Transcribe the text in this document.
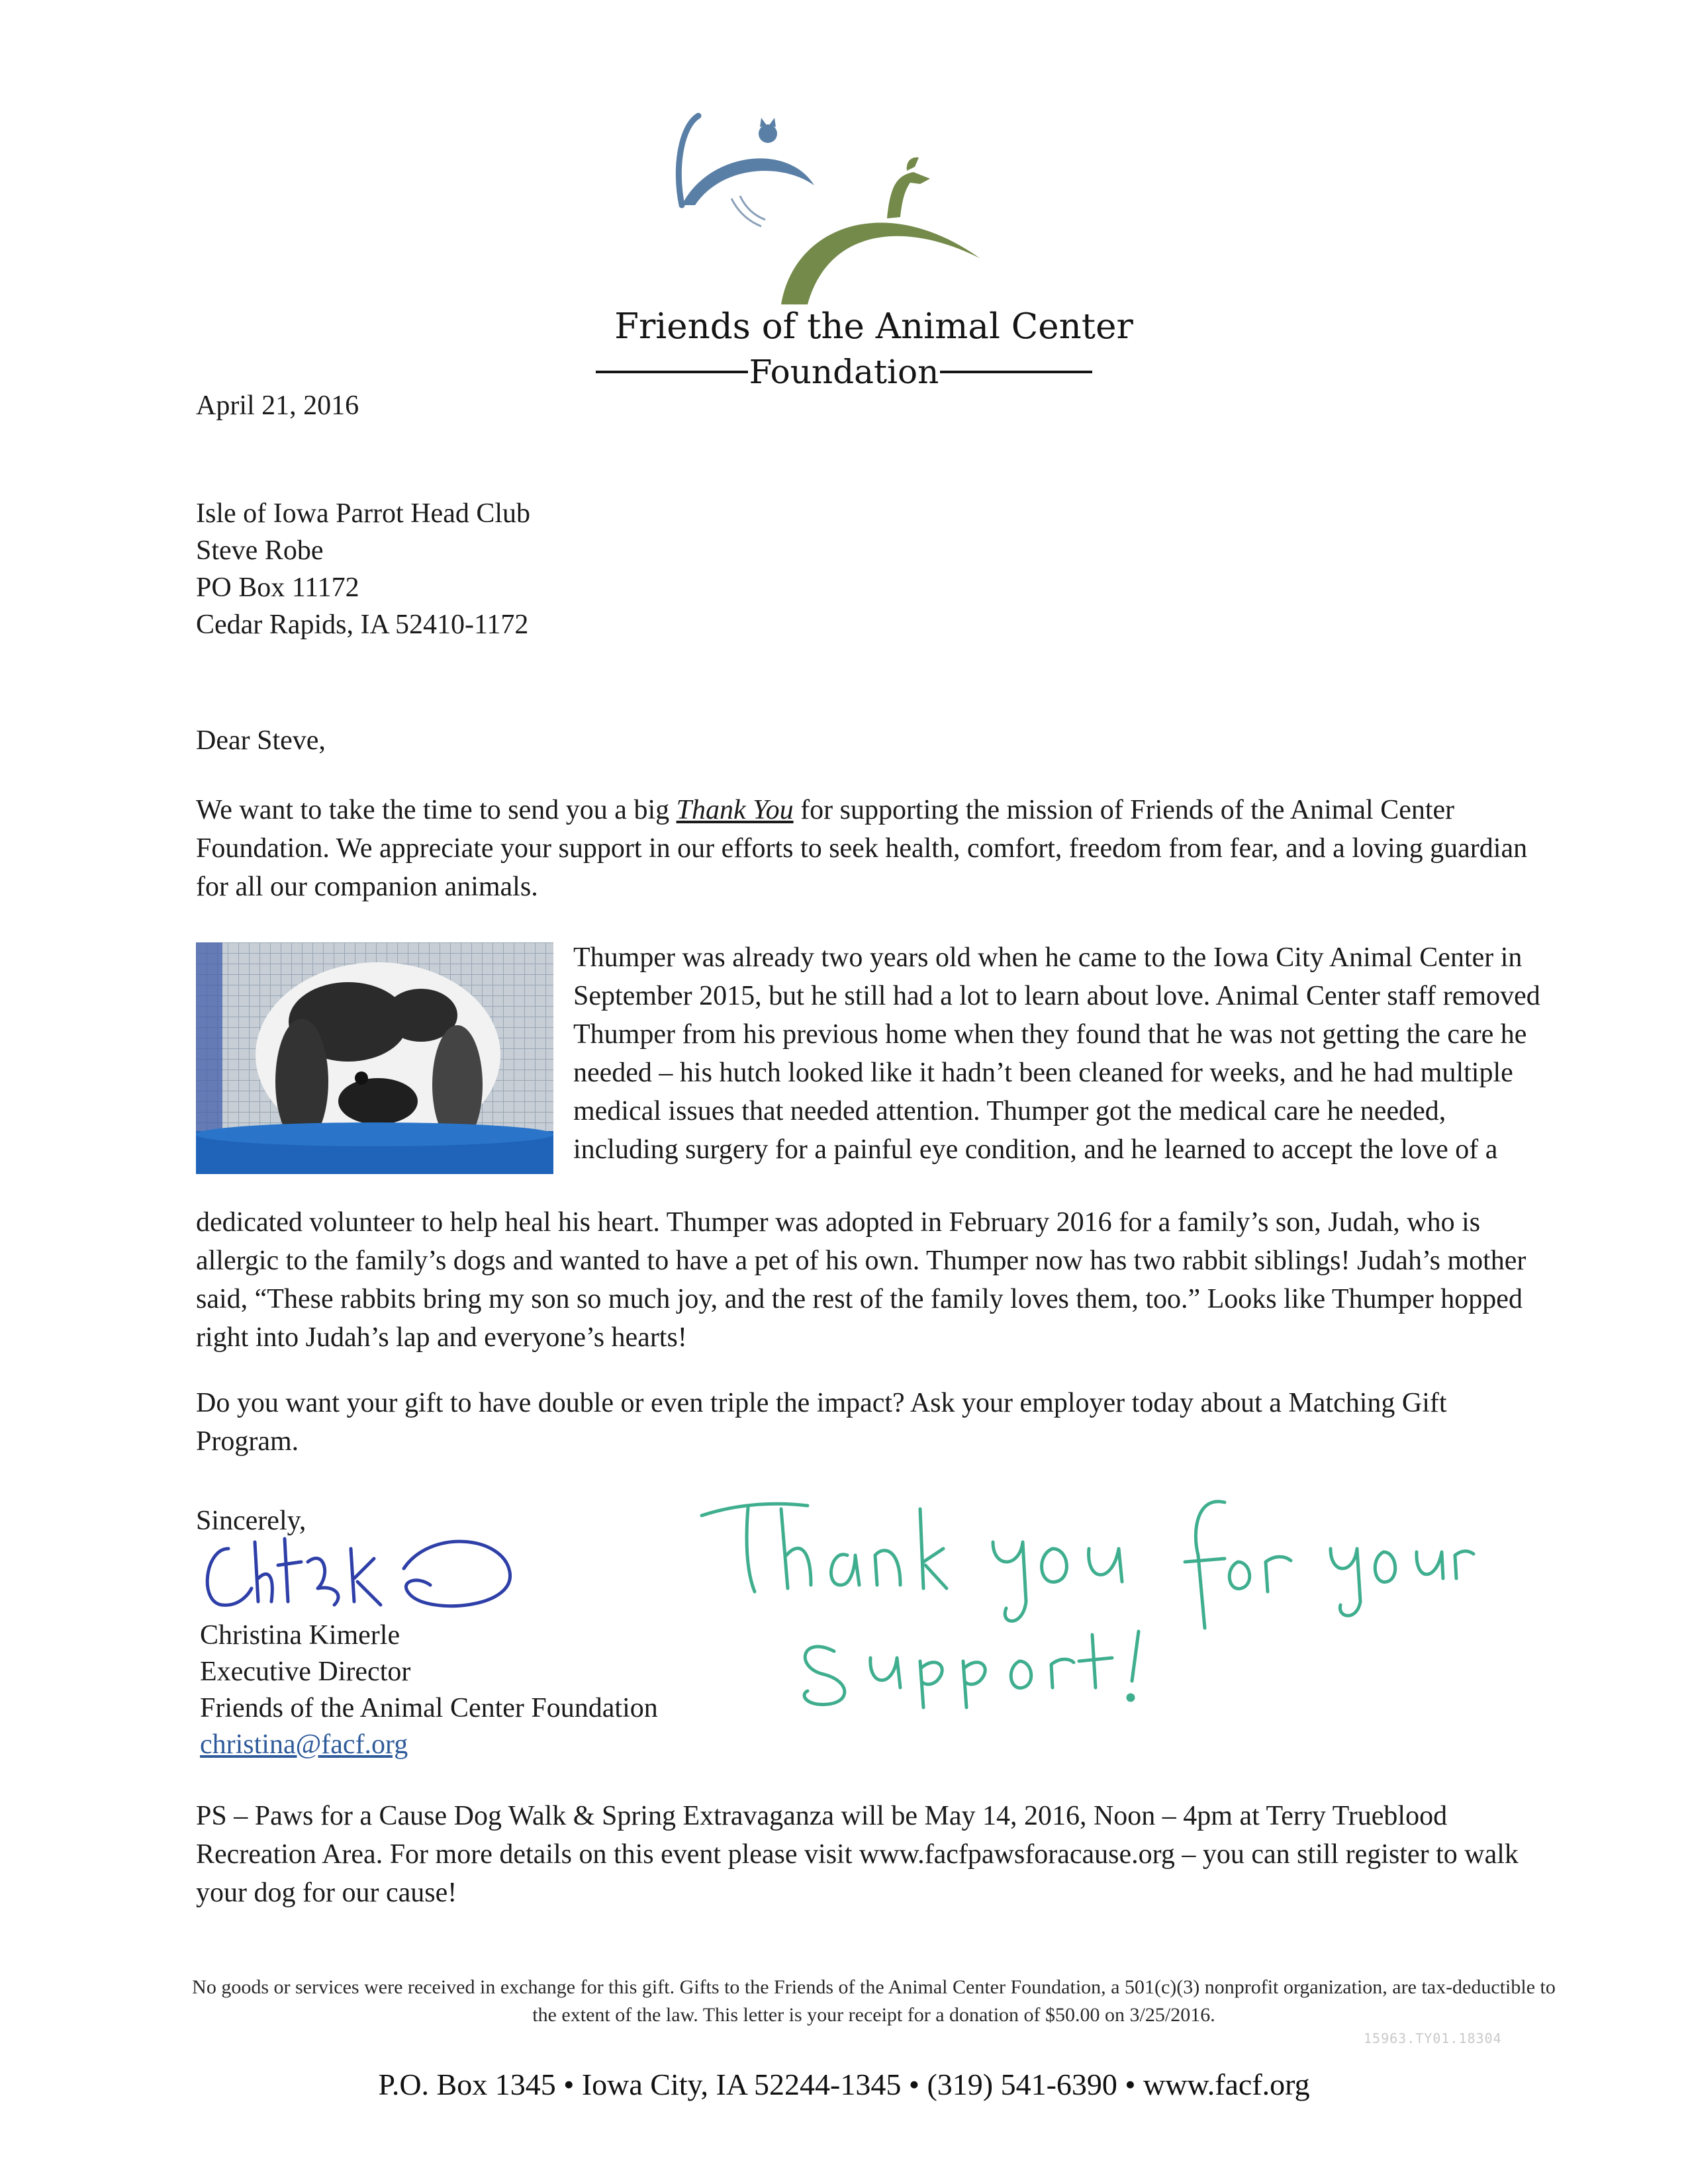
Friends of the Animal Center
Foundation
April 21, 2016
Isle of Iowa Parrot Head Club
Steve Robe
PO Box 11172
Cedar Rapids, IA 52410-1172
Dear Steve,
We want to take the time to send you a big Thank You for supporting the mission of Friends of the Animal Center Foundation. We appreciate your support in our efforts to seek health, comfort, freedom from fear, and a loving guardian for all our companion animals.
Thumper was already two years old when he came to the Iowa City Animal Center in September 2015, but he still had a lot to learn about love. Animal Center staff removed Thumper from his previous home when they found that he was not getting the care he needed – his hutch looked like it hadn’t been cleaned for weeks, and he had multiple medical issues that needed attention. Thumper got the medical care he needed, including surgery for a painful eye condition, and he learned to accept the love of a
dedicated volunteer to help heal his heart. Thumper was adopted in February 2016 for a family’s son, Judah, who is allergic to the family’s dogs and wanted to have a pet of his own. Thumper now has two rabbit siblings! Judah’s mother said, “These rabbits bring my son so much joy, and the rest of the family loves them, too.” Looks like Thumper hopped right into Judah’s lap and everyone’s hearts!
Do you want your gift to have double or even triple the impact? Ask your employer today about a Matching Gift Program.
Sincerely,
Christina Kimerle
Executive Director
Friends of the Animal Center Foundation
christina@facf.org
PS – Paws for a Cause Dog Walk & Spring Extravaganza will be May 14, 2016, Noon – 4pm at Terry Trueblood Recreation Area. For more details on this event please visit www.facfpawsforacause.org – you can still register to walk your dog for our cause!
No goods or services were received in exchange for this gift. Gifts to the Friends of the Animal Center Foundation, a 501(c)(3) nonprofit organization, are tax-deductible to the extent of the law. This letter is your receipt for a donation of $50.00 on 3/25/2016.
15963.TY01.18304
P.O. Box 1345 • Iowa City, IA 52244-1345 • (319) 541-6390 • www.facf.org
